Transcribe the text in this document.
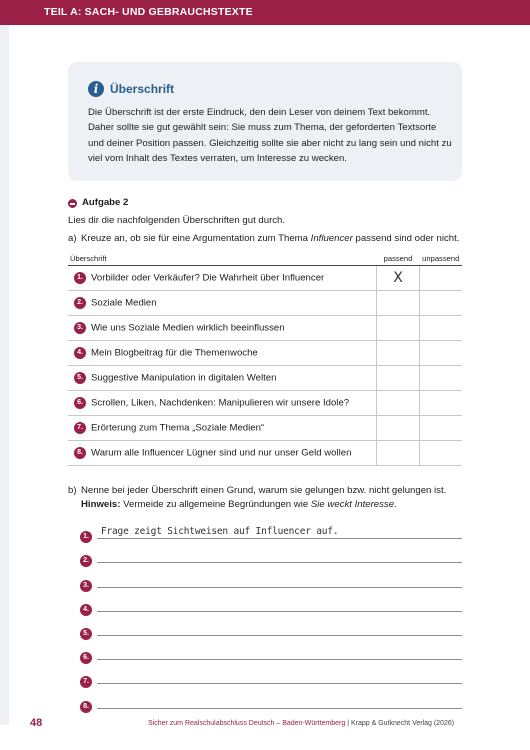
TEIL A: SACH- UND GEBRAUCHSTEXTE
i Überschrift

Die Überschrift ist der erste Eindruck, den dein Leser von deinem Text bekommt. Daher sollte sie gut gewählt sein: Sie muss zum Thema, der geforderten Textsorte und deiner Position passen. Gleichzeitig sollte sie aber nicht zu lang sein und nicht zu viel vom Inhalt des Textes verraten, um Interesse zu wecken.

Aufgabe 2
Lies dir die nachfolgenden Überschriften gut durch.
a) Kreuze an, ob sie für eine Argumentation zum Thema Influencer passend sind oder nicht.
Überschrift	passend	unpassend
1. Vorbilder oder Verkäufer? Die Wahrheit über Influencer	X	
2. Soziale Medien		
3. Wie uns Soziale Medien wirklich beeinflussen		
4. Mein Blogbeitrag für die Themenwoche		
5. Suggestive Manipulation in digitalen Welten		
6. Scrollen, Liken, Nachdenken: Manipulieren wir unsere Idole?		
7. Erörterung zum Thema „Soziale Medien“		
8. Warum alle Influencer Lügner sind und nur unser Geld wollen		
b) Nenne bei jeder Überschrift einen Grund, warum sie gelungen bzw. nicht gelungen ist.
Hinweis: Vermeide zu allgemeine Begründungen wie Sie weckt Interesse.
1.	Frage zeigt Sichtweisen auf Influencer auf.
2.
3.
4.
5.
6.
7.
8.
48	Sicher zum Realschulabschluss Deutsch – Baden-Württemberg | Krapp & Gutknecht Verlag (2026)
